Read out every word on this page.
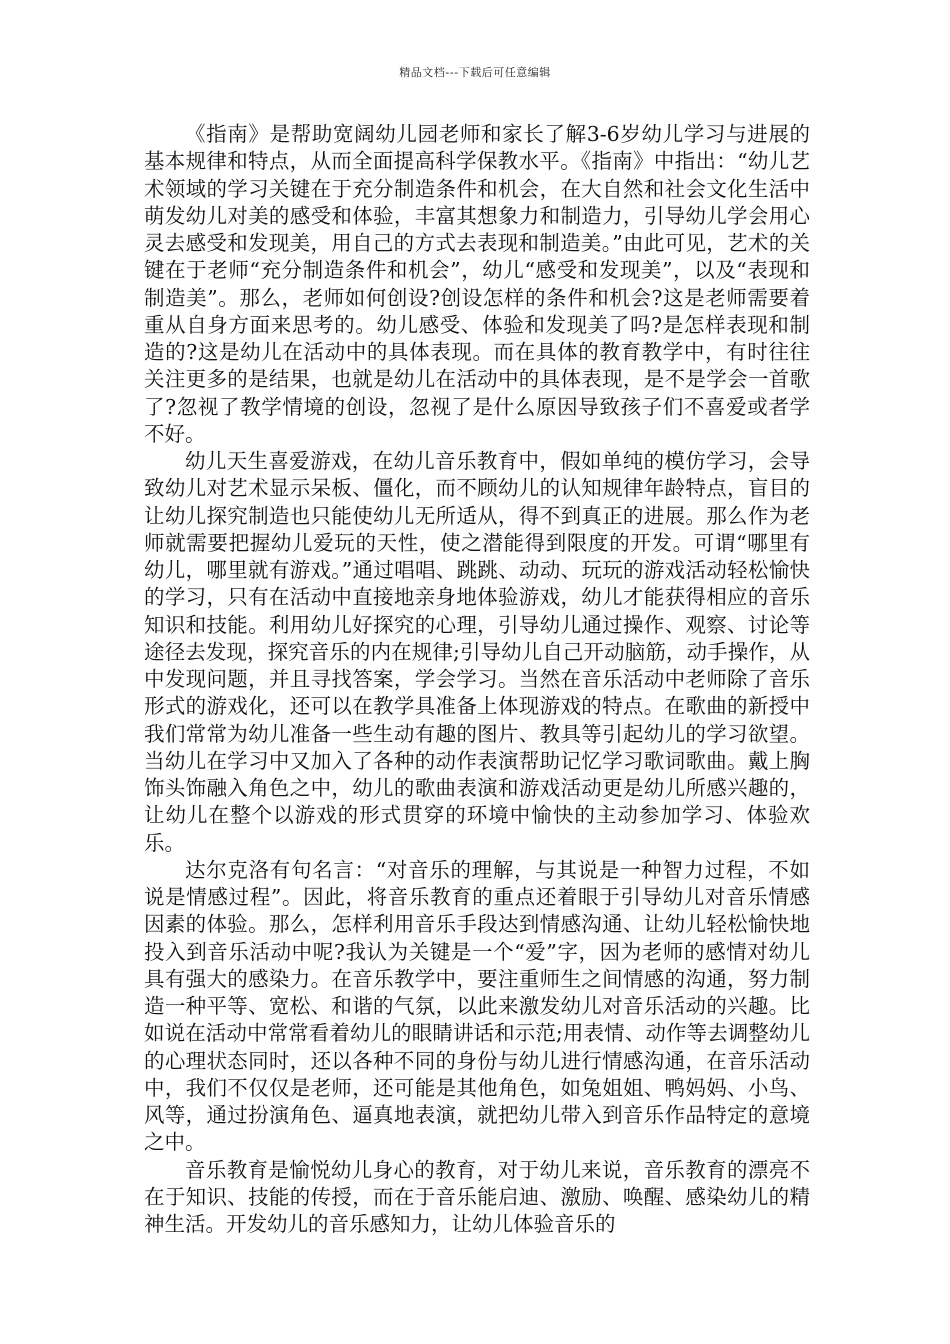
精品文档---下载后可任意编辑

《指南》是帮助宽阔幼儿园老师和家长了解3-6岁幼儿学习与进展的基本规律和特点，从而全面提高科学保教水平。《指南》中指出：“幼儿艺术领域的学习关键在于充分制造条件和机会，在大自然和社会文化生活中萌发幼儿对美的感受和体验，丰富其想象力和制造力，引导幼儿学会用心灵去感受和发现美，用自己的方式去表现和制造美。”由此可见，艺术的关键在于老师“充分制造条件和机会”，幼儿“感受和发现美”，以及“表现和制造美”。那么，老师如何创设?创设怎样的条件和机会?这是老师需要着重从自身方面来思考的。幼儿感受、体验和发现美了吗?是怎样表现和制造的?这是幼儿在活动中的具体表现。而在具体的教育教学中，有时往往关注更多的是结果，也就是幼儿在活动中的具体表现，是不是学会一首歌了?忽视了教学情境的创设，忽视了是什么原因导致孩子们不喜爱或者学不好。

幼儿天生喜爱游戏，在幼儿音乐教育中，假如单纯的模仿学习，会导致幼儿对艺术显示呆板、僵化，而不顾幼儿的认知规律年龄特点，盲目的让幼儿探究制造也只能使幼儿无所适从，得不到真正的进展。那么作为老师就需要把握幼儿爱玩的天性，使之潜能得到限度的开发。可谓“哪里有幼儿，哪里就有游戏。”通过唱唱、跳跳、动动、玩玩的游戏活动轻松愉快的学习，只有在活动中直接地亲身地体验游戏，幼儿才能获得相应的音乐知识和技能。利用幼儿好探究的心理，引导幼儿通过操作、观察、讨论等途径去发现，探究音乐的内在规律;引导幼儿自己开动脑筋，动手操作，从中发现问题，并且寻找答案，学会学习。当然在音乐活动中老师除了音乐形式的游戏化，还可以在教学具准备上体现游戏的特点。在歌曲的新授中我们常常为幼儿准备一些生动有趣的图片、教具等引起幼儿的学习欲望。当幼儿在学习中又加入了各种的动作表演帮助记忆学习歌词歌曲。戴上胸饰头饰融入角色之中，幼儿的歌曲表演和游戏活动更是幼儿所感兴趣的，让幼儿在整个以游戏的形式贯穿的环境中愉快的主动参加学习、体验欢乐。

达尔克洛有句名言：“对音乐的理解，与其说是一种智力过程，不如说是情感过程”。因此，将音乐教育的重点还着眼于引导幼儿对音乐情感因素的体验。那么，怎样利用音乐手段达到情感沟通、让幼儿轻松愉快地投入到音乐活动中呢?我认为关键是一个“爱”字，因为老师的感情对幼儿具有强大的感染力。在音乐教学中，要注重师生之间情感的沟通，努力制造一种平等、宽松、和谐的气氛，以此来激发幼儿对音乐活动的兴趣。比如说在活动中常常看着幼儿的眼睛讲话和示范;用表情、动作等去调整幼儿的心理状态同时，还以各种不同的身份与幼儿进行情感沟通，在音乐活动中，我们不仅仅是老师，还可能是其他角色，如兔姐姐、鸭妈妈、小鸟、风等，通过扮演角色、逼真地表演，就把幼儿带入到音乐作品特定的意境之中。

音乐教育是愉悦幼儿身心的教育，对于幼儿来说，音乐教育的漂亮不在于知识、技能的传授，而在于音乐能启迪、激励、唤醒、感染幼儿的精神生活。开发幼儿的音乐感知力，让幼儿体验音乐的
